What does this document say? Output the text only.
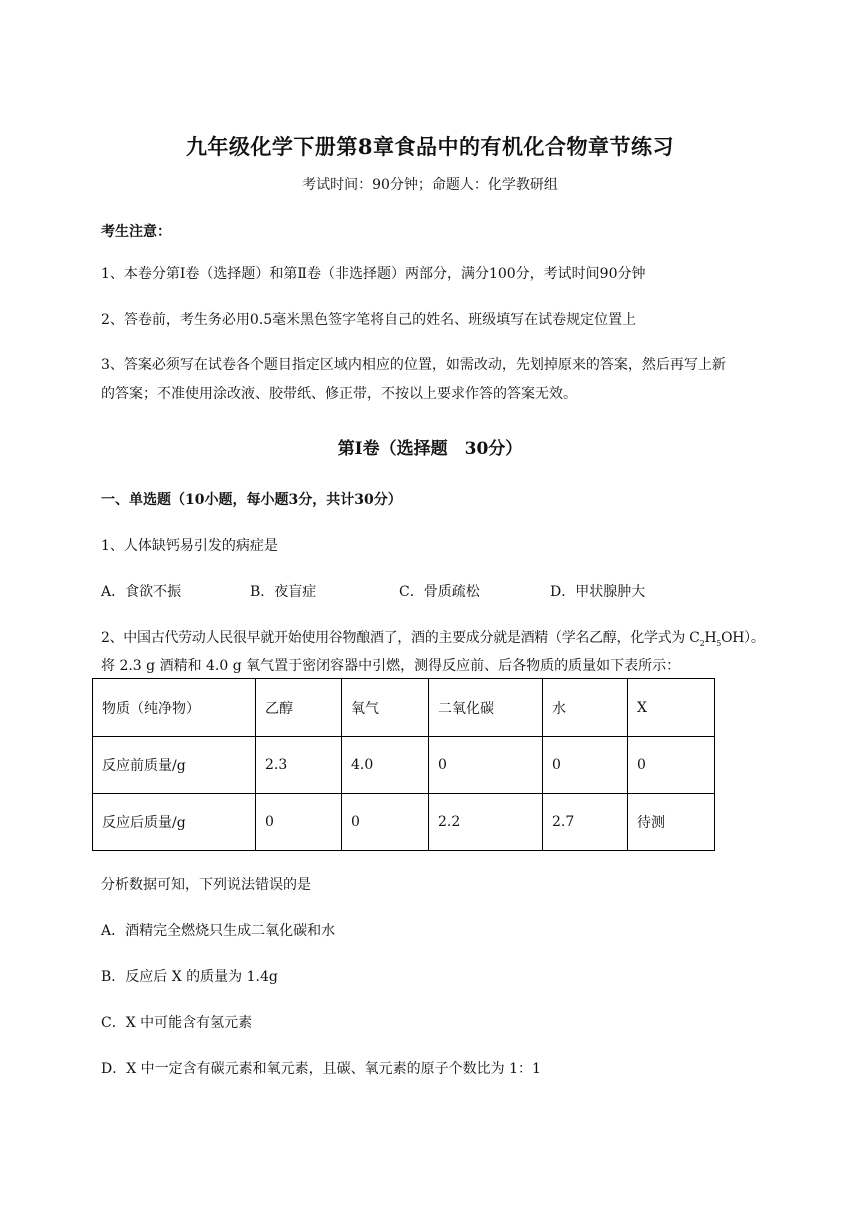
九年级化学下册第8章食品中的有机化合物章节练习
考试时间：90分钟；命题人：化学教研组
考生注意：
1、本卷分第Ⅰ卷（选择题）和第Ⅱ卷（非选择题）两部分，满分100分，考试时间90分钟
2、答卷前，考生务必用0.5毫米黑色签字笔将自己的姓名、班级填写在试卷规定位置上
3、答案必须写在试卷各个题目指定区域内相应的位置，如需改动，先划掉原来的答案，然后再写上新
的答案；不准使用涂改液、胶带纸、修正带，不按以上要求作答的答案无效。
第Ⅰ卷（选择题　30分）
一、单选题（10小题，每小题3分，共计30分）
1、人体缺钙易引发的病症是
A．食欲不振	B．夜盲症	C．骨质疏松	D．甲状腺肿大
2、中国古代劳动人民很早就开始使用谷物酿酒了，酒的主要成分就是酒精（学名乙醇，化学式为 $C_2H_5OH$）。
将 2.3 g 酒精和 4.0 g 氧气置于密闭容器中引燃，测得反应前、后各物质的质量如下表所示：
物质（纯净物）	乙醇	氧气	二氧化碳	水	X
反应前质量/g	2.3	4.0	0	0	0
反应后质量/g	0	0	2.2	2.7	待测
分析数据可知，下列说法错误的是
A．酒精完全燃烧只生成二氧化碳和水
B．反应后 X 的质量为 1.4g
C．X 中可能含有氢元素
D．X 中一定含有碳元素和氧元素，且碳、氧元素的原子个数比为 1：1
